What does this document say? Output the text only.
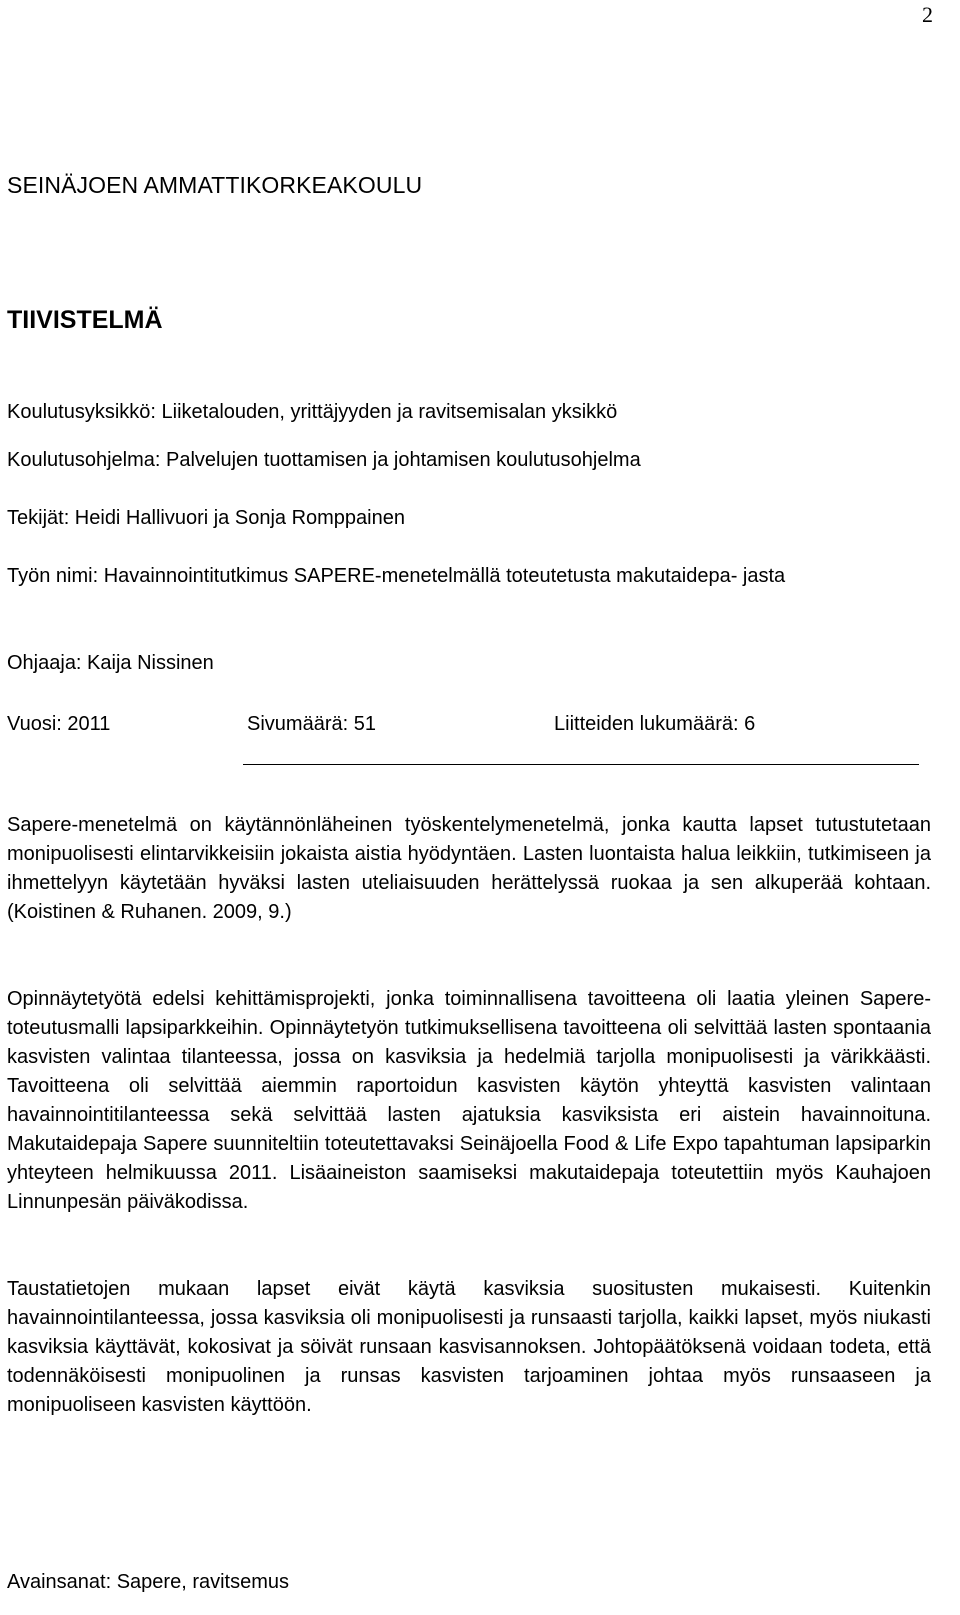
2
SEINÄJOEN AMMATTIKORKEAKOULU
TIIVISTELMÄ
Koulutusyksikkö: Liiketalouden, yrittäjyyden ja ravitsemisalan yksikkö
Koulutusohjelma: Palvelujen tuottamisen ja johtamisen koulutusohjelma
Tekijät: Heidi Hallivuori ja Sonja Romppainen
Työn nimi: Havainnointitutkimus SAPERE-menetelmällä toteutetusta makutaidepa- jasta
Ohjaaja: Kaija Nissinen
Vuosi: 2011	Sivumäärä: 51	Liitteiden lukumäärä: 6

Sapere-menetelmä on käytännönläheinen työskentelymenetelmä, jonka kautta lapset tutustutetaan monipuolisesti elintarvikkeisiin jokaista aistia hyödyntäen. Lasten luontaista halua leikkiin, tutkimiseen ja ihmettelyyn käytetään hyväksi lasten uteliaisuuden herättelyssä ruokaa ja sen alkuperää kohtaan. (Koistinen & Ruhanen. 2009, 9.)

Opinnäytetyötä edelsi kehittämisprojekti, jonka toiminnallisena tavoitteena oli laatia yleinen Sapere-toteutusmalli lapsiparkkeihin. Opinnäytetyön tutkimuksellisena tavoitteena oli selvittää lasten spontaania kasvisten valintaa tilanteessa, jossa on kasviksia ja hedelmiä tarjolla monipuolisesti ja värikkäästi. Tavoitteena oli selvittää aiemmin raportoidun kasvisten käytön yhteyttä kasvisten valintaan havainnointitilanteessa sekä selvittää lasten ajatuksia kasviksista eri aistein havainnoituna. Makutaidepaja Sapere suunniteltiin toteutettavaksi Seinäjoella Food & Life Expo tapahtuman lapsiparkin yhteyteen helmikuussa 2011. Lisäaineiston saamiseksi makutaidepaja toteutettiin myös Kauhajoen Linnunpesän päiväkodissa.

Taustatietojen mukaan lapset eivät käytä kasviksia suositusten mukaisesti. Kuitenkin havainnointilanteessa, jossa kasviksia oli monipuolisesti ja runsaasti tarjolla, kaikki lapset, myös niukasti kasviksia käyttävät, kokosivat ja söivät runsaan kasvisannoksen. Johtopäätöksenä voidaan todeta, että todennäköisesti monipuolinen ja runsas kasvisten tarjoaminen johtaa myös runsaaseen ja monipuoliseen kasvisten käyttöön.

Avainsanat: Sapere, ravitsemus
